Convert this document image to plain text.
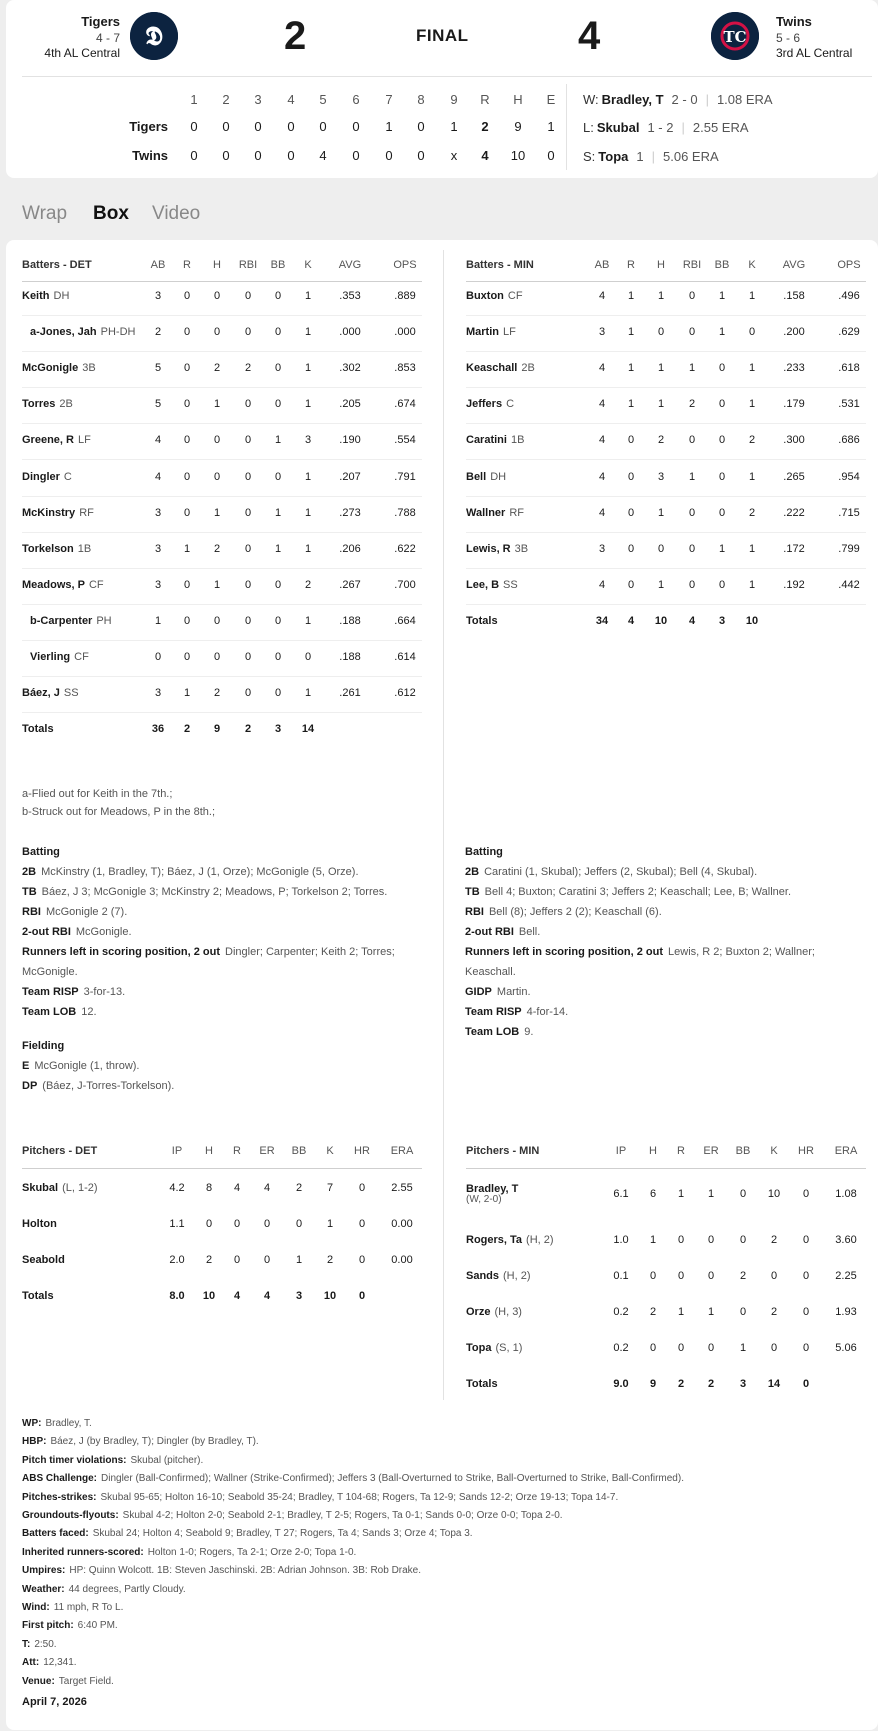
Tigers
4 - 7
4th AL Central
𝕯	2	FINAL	4	TC
Twins
5 - 6
3rd AL Central
1	2	3	4	5	6	7	8	9	R	H	E
Tigers	0	0	0	0	0	0	1	0	1	2	9	1
Twins	0	0	0	0	4	0	0	0	x	4	10	0
W: Bradley, T 2 - 0 | 1.08 ERA
L: Skubal 1 - 2 | 2.55 ERA
S: Topa 1 | 5.06 ERA
Wrap Box Video
April 7, 2026
Batters - DET	AB	R	H	RBI	BB	K	AVG	OPS
Keith DH	3	0	0	0	0	1	.353	.889
a-Jones, Jah PH-DH	2	0	0	0	0	1	.000	.000
McGonigle 3B	5	0	2	2	0	1	.302	.853
Torres 2B	5	0	1	0	0	1	.205	.674
Greene, R LF	4	0	0	0	1	3	.190	.554
Dingler C	4	0	0	0	0	1	.207	.791
McKinstry RF	3	0	1	0	1	1	.273	.788
Torkelson 1B	3	1	2	0	1	1	.206	.622
Meadows, P CF	3	0	1	0	0	2	.267	.700
b-Carpenter PH	1	0	0	0	0	1	.188	.664
Vierling CF	0	0	0	0	0	0	.188	.614
Báez, J SS	3	1	2	0	0	1	.261	.612
Totals	36	2	9	2	3	14
Batters - MIN	AB	R	H	RBI	BB	K	AVG	OPS
Buxton CF	4	1	1	0	1	1	.158	.496
Martin LF	3	1	0	0	1	0	.200	.629
Keaschall 2B	4	1	1	1	0	1	.233	.618
Jeffers C	4	1	1	2	0	1	.179	.531
Caratini 1B	4	0	2	0	0	2	.300	.686
Bell DH	4	0	3	1	0	1	.265	.954
Wallner RF	4	0	1	0	0	2	.222	.715
Lewis, R 3B	3	0	0	0	1	1	.172	.799
Lee, B SS	4	0	1	0	0	1	.192	.442
Totals	34	4	10	4	3	10
a-Flied out for Keith in the 7th.;
b-Struck out for Meadows, P in the 8th.;
Batting
2B McKinstry (1, Bradley, T); Báez, J (1, Orze); McGonigle (5, Orze).
TB Báez, J 3; McGonigle 3; McKinstry 2; Meadows, P; Torkelson 2; Torres.
RBI McGonigle 2 (7).
2-out RBI McGonigle.
Runners left in scoring position, 2 out Dingler; Carpenter; Keith 2; Torres;
McGonigle.
Team RISP 3-for-13.
Team LOB 12.
Fielding
E McGonigle (1, throw).
DP (Báez, J-Torres-Torkelson).
Batting
2B Caratini (1, Skubal); Jeffers (2, Skubal); Bell (4, Skubal).
TB Bell 4; Buxton; Caratini 3; Jeffers 2; Keaschall; Lee, B; Wallner.
RBI Bell (8); Jeffers 2 (2); Keaschall (6).
2-out RBI Bell.
Runners left in scoring position, 2 out Lewis, R 2; Buxton 2; Wallner;
Keaschall.
GIDP Martin.
Team RISP 4-for-14.
Team LOB 9.
Pitchers - DET	IP	H	R	ER	BB	K	HR	ERA
Skubal (L, 1-2)	4.2	8	4	4	2	7	0	2.55
Holton	1.1	0	0	0	0	1	0	0.00
Seabold	2.0	2	0	0	1	2	0	0.00
Totals	8.0	10	4	4	3	10	0
Pitchers - MIN	IP	H	R	ER	BB	K	HR	ERA
Bradley, T
(W, 2-0)	6.1	6	1	1	0	10	0	1.08
Rogers, Ta (H, 2)	1.0	1	0	0	0	2	0	3.60
Sands (H, 2)	0.1	0	0	0	2	0	0	2.25
Orze (H, 3)	0.2	2	1	1	0	2	0	1.93
Topa (S, 1)	0.2	0	0	0	1	0	0	5.06
Totals	9.0	9	2	2	3	14	0
WP: Bradley, T.
HBP: Báez, J (by Bradley, T); Dingler (by Bradley, T).
Pitch timer violations: Skubal (pitcher).
ABS Challenge: Dingler (Ball-Confirmed); Wallner (Strike-Confirmed); Jeffers 3 (Ball-Overturned to Strike, Ball-Overturned to Strike, Ball-Confirmed).
Pitches-strikes: Skubal 95-65; Holton 16-10; Seabold 35-24; Bradley, T 104-68; Rogers, Ta 12-9; Sands 12-2; Orze 19-13; Topa 14-7.
Groundouts-flyouts: Skubal 4-2; Holton 2-0; Seabold 2-1; Bradley, T 2-5; Rogers, Ta 0-1; Sands 0-0; Orze 0-0; Topa 2-0.
Batters faced: Skubal 24; Holton 4; Seabold 9; Bradley, T 27; Rogers, Ta 4; Sands 3; Orze 4; Topa 3.
Inherited runners-scored: Holton 1-0; Rogers, Ta 2-1; Orze 2-0; Topa 1-0.
Umpires: HP: Quinn Wolcott. 1B: Steven Jaschinski. 2B: Adrian Johnson. 3B: Rob Drake.
Weather: 44 degrees, Partly Cloudy.
Wind: 11 mph, R To L.
First pitch: 6:40 PM.
T: 2:50.
Att: 12,341.
Venue: Target Field.
